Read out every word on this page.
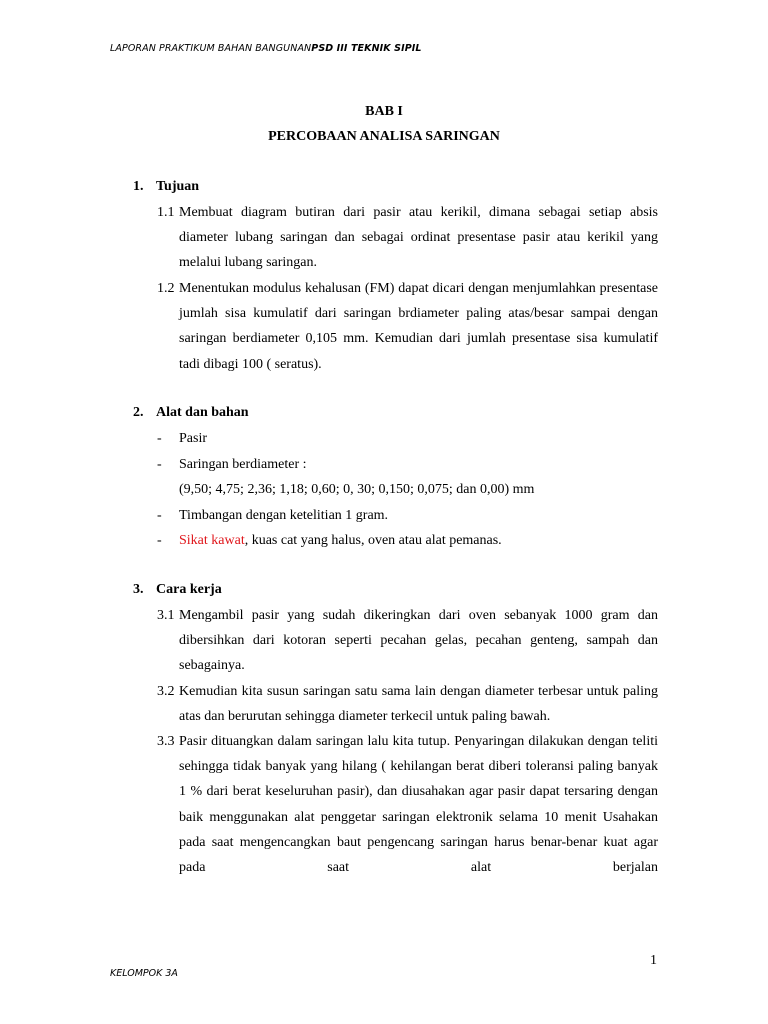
LAPORAN PRAKTIKUM BAHAN BANGUNANPSD III TEKNIK SIPIL
BAB I
PERCOBAAN ANALISA SARINGAN
1. Tujuan
1.1 Membuat diagram butiran dari pasir atau kerikil, dimana sebagai setiap absis diameter lubang saringan dan sebagai ordinat presentase pasir atau kerikil yang melalui lubang saringan.
1.2 Menentukan modulus kehalusan (FM) dapat dicari dengan menjumlahkan presentase jumlah sisa kumulatif dari saringan brdiameter paling atas/besar sampai dengan saringan berdiameter 0,105 mm. Kemudian dari jumlah presentase sisa kumulatif tadi dibagi 100 ( seratus).
2. Alat dan bahan
- Pasir
- Saringan berdiameter :
(9,50; 4,75; 2,36; 1,18; 0,60; 0, 30; 0,150; 0,075; dan 0,00) mm
- Timbangan dengan ketelitian 1 gram.
- Sikat kawat, kuas cat yang halus, oven atau alat pemanas.
3. Cara kerja
3.1 Mengambil pasir yang sudah dikeringkan dari oven sebanyak 1000 gram dan dibersihkan dari kotoran seperti pecahan gelas, pecahan genteng, sampah dan sebagainya.
3.2 Kemudian kita susun saringan satu sama lain dengan diameter terbesar untuk paling atas dan berurutan sehingga diameter terkecil untuk paling bawah.
3.3 Pasir dituangkan dalam saringan lalu kita tutup. Penyaringan dilakukan dengan teliti sehingga tidak banyak yang hilang ( kehilangan berat diberi toleransi paling banyak 1 % dari berat keseluruhan pasir), dan diusahakan agar pasir dapat tersaring dengan baik menggunakan alat penggetar saringan elektronik selama 10 menit Usahakan pada saat mengencangkan baut pengencang saringan harus benar-benar kuat agar pada saat alat berjalan
1
KELOMPOK 3A
